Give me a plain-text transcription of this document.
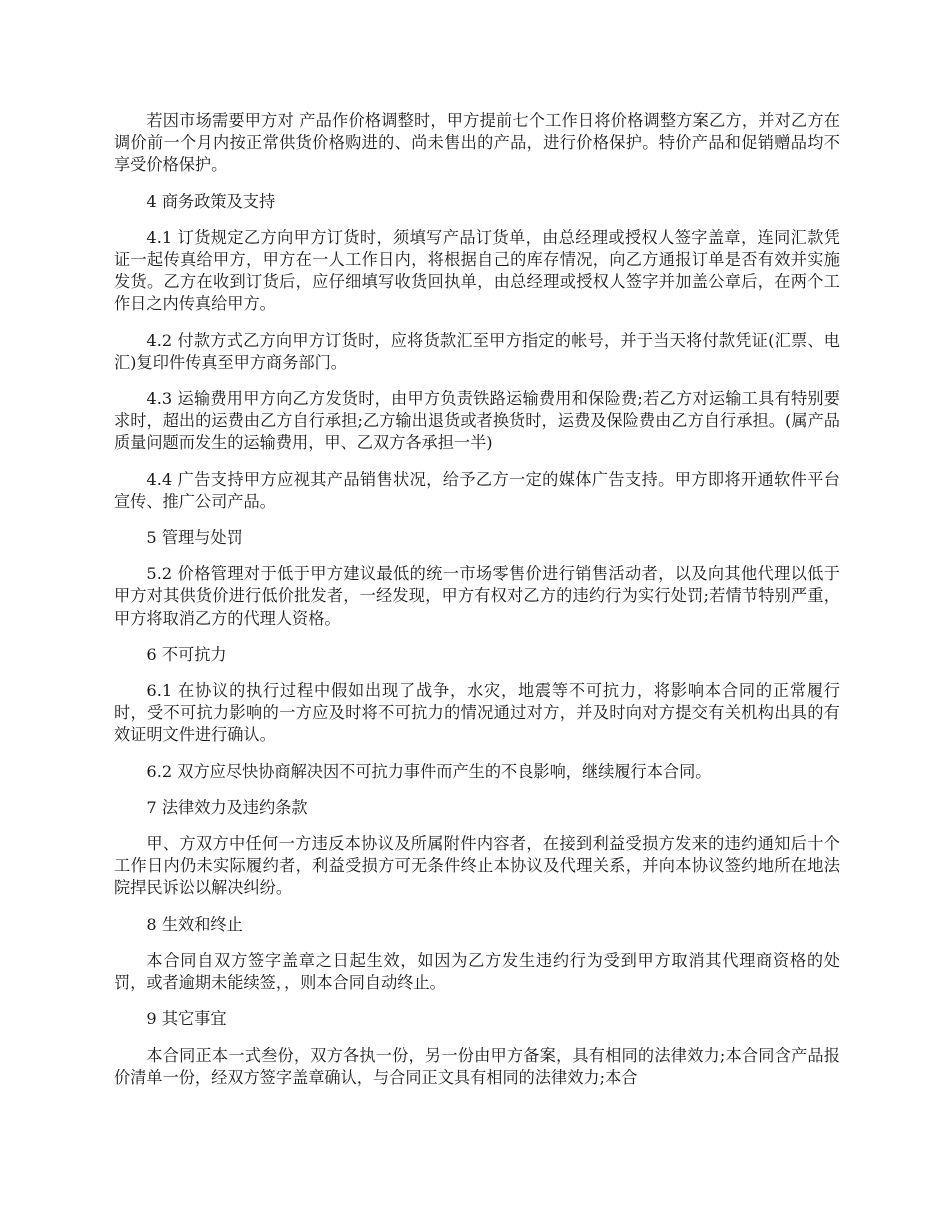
若因市场需要甲方对 产品作价格调整时，甲方提前七个工作日将价格调整方案乙方，并对乙方在调价前一个月内按正常供货价格购进的、尚未售出的产品，进行价格保护。特价产品和促销赠品均不享受价格保护。

4 商务政策及支持

4.1 订货规定乙方向甲方订货时，须填写产品订货单，由总经理或授权人签字盖章，连同汇款凭证一起传真给甲方，甲方在一人工作日内，将根据自己的库存情况，向乙方通报订单是否有效并实施发货。乙方在收到订货后，应仔细填写收货回执单，由总经理或授权人签字并加盖公章后，在两个工作日之内传真给甲方。

4.2 付款方式乙方向甲方订货时，应将货款汇至甲方指定的帐号，并于当天将付款凭证(汇票、电汇)复印件传真至甲方商务部门。

4.3 运输费用甲方向乙方发货时，由甲方负责铁路运输费用和保险费;若乙方对运输工具有特别要求时，超出的运费由乙方自行承担;乙方输出退货或者换货时，运费及保险费由乙方自行承担。(属产品质量问题而发生的运输费用，甲、乙双方各承担一半)

4.4 广告支持甲方应视其产品销售状况，给予乙方一定的媒体广告支持。甲方即将开通软件平台宣传、推广公司产品。

5 管理与处罚

5.2 价格管理对于低于甲方建议最低的统一市场零售价进行销售活动者，以及向其他代理以低于甲方对其供货价进行低价批发者，一经发现，甲方有权对乙方的违约行为实行处罚;若情节特别严重，甲方将取消乙方的代理人资格。

6 不可抗力

6.1 在协议的执行过程中假如出现了战争，水灾，地震等不可抗力，将影响本合同的正常履行时，受不可抗力影响的一方应及时将不可抗力的情况通过对方，并及时向对方提交有关机构出具的有效证明文件进行确认。

6.2 双方应尽快协商解决因不可抗力事件而产生的不良影响，继续履行本合同。

7 法律效力及违约条款

甲、方双方中任何一方违反本协议及所属附件内容者，在接到利益受损方发来的违约通知后十个工作日内仍未实际履约者，利益受损方可无条件终止本协议及代理关系，并向本协议签约地所在地法院捍民诉讼以解决纠纷。

8 生效和终止

本合同自双方签字盖章之日起生效，如因为乙方发生违约行为受到甲方取消其代理商资格的处罚，或者逾期未能续签，，则本合同自动终止。

9 其它事宜

本合同正本一式叁份，双方各执一份，另一份由甲方备案，具有相同的法律效力;本合同含产品报价清单一份，经双方签字盖章确认，与合同正文具有相同的法律效力;本合
